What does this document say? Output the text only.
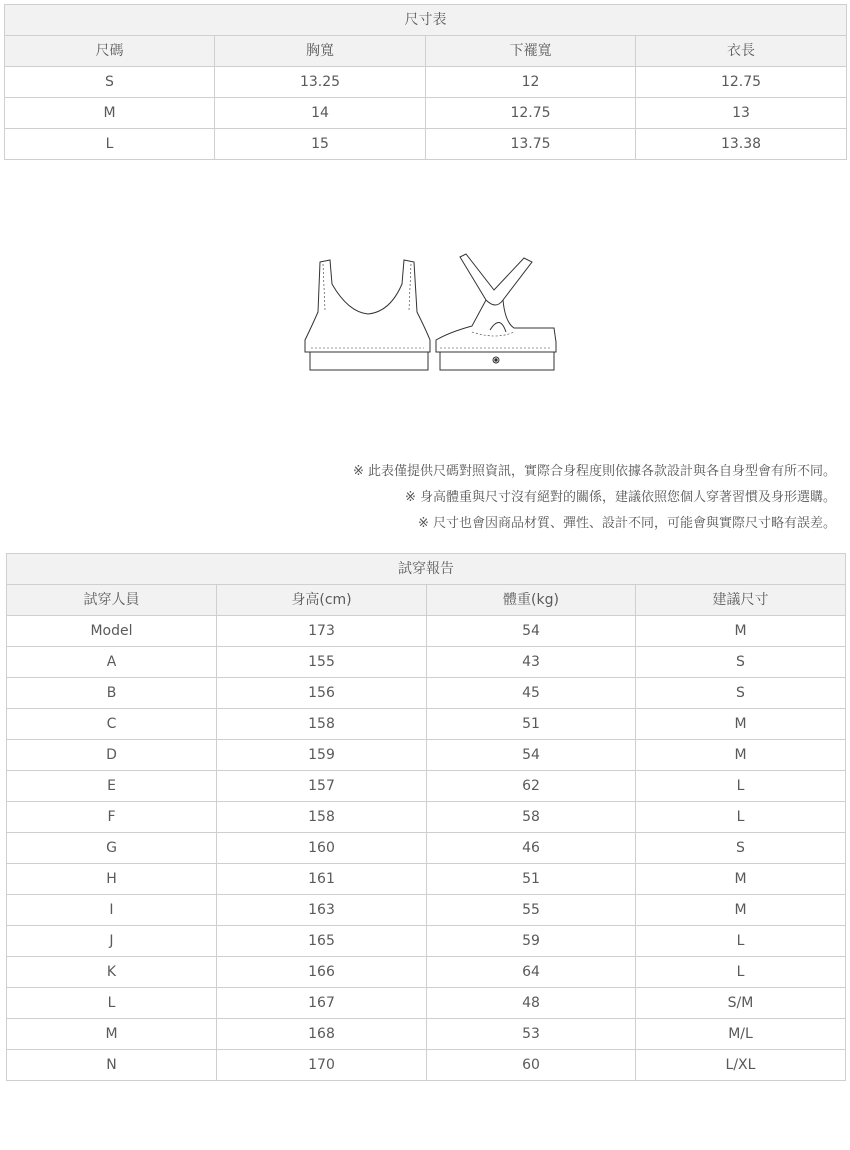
尺寸表			
尺碼	胸寬	下襬寬	衣長
S	13.25	12	12.75
M	14	12.75	13
L	15	13.75	13.38
※ 此表僅提供尺碼對照資訊，實際合身程度則依據各款設計與各自身型會有所不同。
※ 身高體重與尺寸沒有絕對的關係，建議依照您個人穿著習慣及身形選購。
※ 尺寸也會因商品材質、彈性、設計不同，可能會與實際尺寸略有誤差。
試穿報告			
試穿人員	身高(cm)	體重(kg)	建議尺寸
Model	173	54	M
A	155	43	S
B	156	45	S
C	158	51	M
D	159	54	M
E	157	62	L
F	158	58	L
G	160	46	S
H	161	51	M
I	163	55	M
J	165	59	L
K	166	64	L
L	167	48	S/M
M	168	53	M/L
N	170	60	L/XL
